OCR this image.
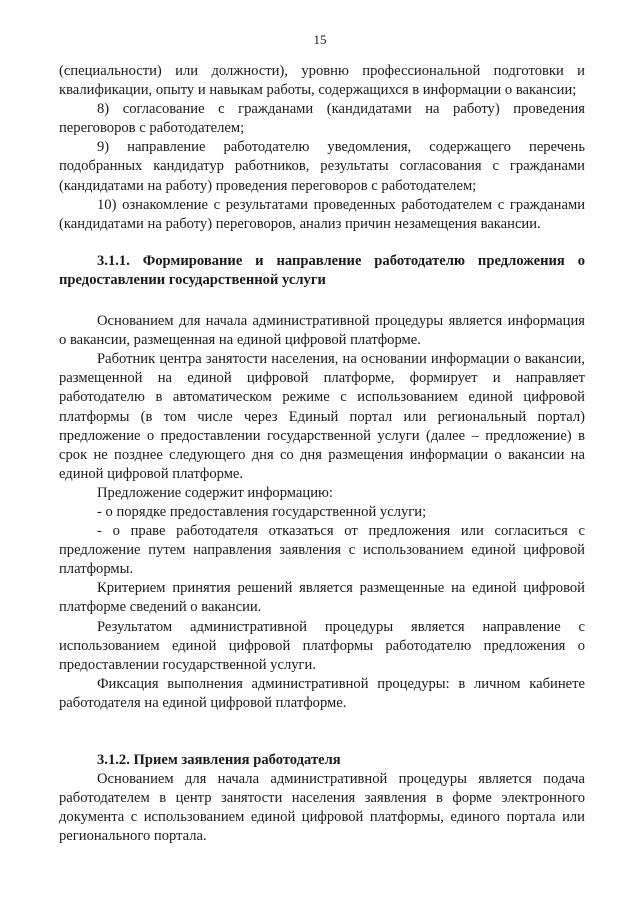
15

(специальности) или должности), уровню профессиональной подготовки и квалификации, опыту и навыкам работы, содержащихся в информации о вакансии;

8) согласование с гражданами (кандидатами на работу) проведения переговоров с работодателем;

9) направление работодателю уведомления, содержащего перечень подобранных кандидатур работников, результаты согласования с гражданами (кандидатами на работу) проведения переговоров с работодателем;

10) ознакомление с результатами проведенных работодателем с гражданами (кандидатами на работу) переговоров, анализ причин незамещения вакансии.

3.1.1. Формирование и направление работодателю предложения о предоставлении государственной услуги

Основанием для начала административной процедуры является информация о вакансии, размещенная на единой цифровой платформе.

Работник центра занятости населения, на основании информации о вакансии, размещенной на единой цифровой платформе, формирует и направляет работодателю в автоматическом режиме с использованием единой цифровой платформы (в том числе через Единый портал или региональный портал) предложение о предоставлении государственной услуги (далее – предложение) в срок не позднее следующего дня со дня размещения информации о вакансии на единой цифровой платформе.

Предложение содержит информацию:

- о порядке предоставления государственной услуги;

- о праве работодателя отказаться от предложения или согласиться с предложение путем направления заявления с использованием единой цифровой платформы.

Критерием принятия решений является размещенные на единой цифровой платформе сведений о вакансии.

Результатом административной процедуры является направление с использованием единой цифровой платформы работодателю предложения о предоставлении государственной услуги.

Фиксация выполнения административной процедуры: в личном кабинете работодателя на единой цифровой платформе.

3.1.2. Прием заявления работодателя

Основанием для начала административной процедуры является подача работодателем в центр занятости населения заявления в форме электронного документа с использованием единой цифровой платформы, единого портала или регионального портала.
